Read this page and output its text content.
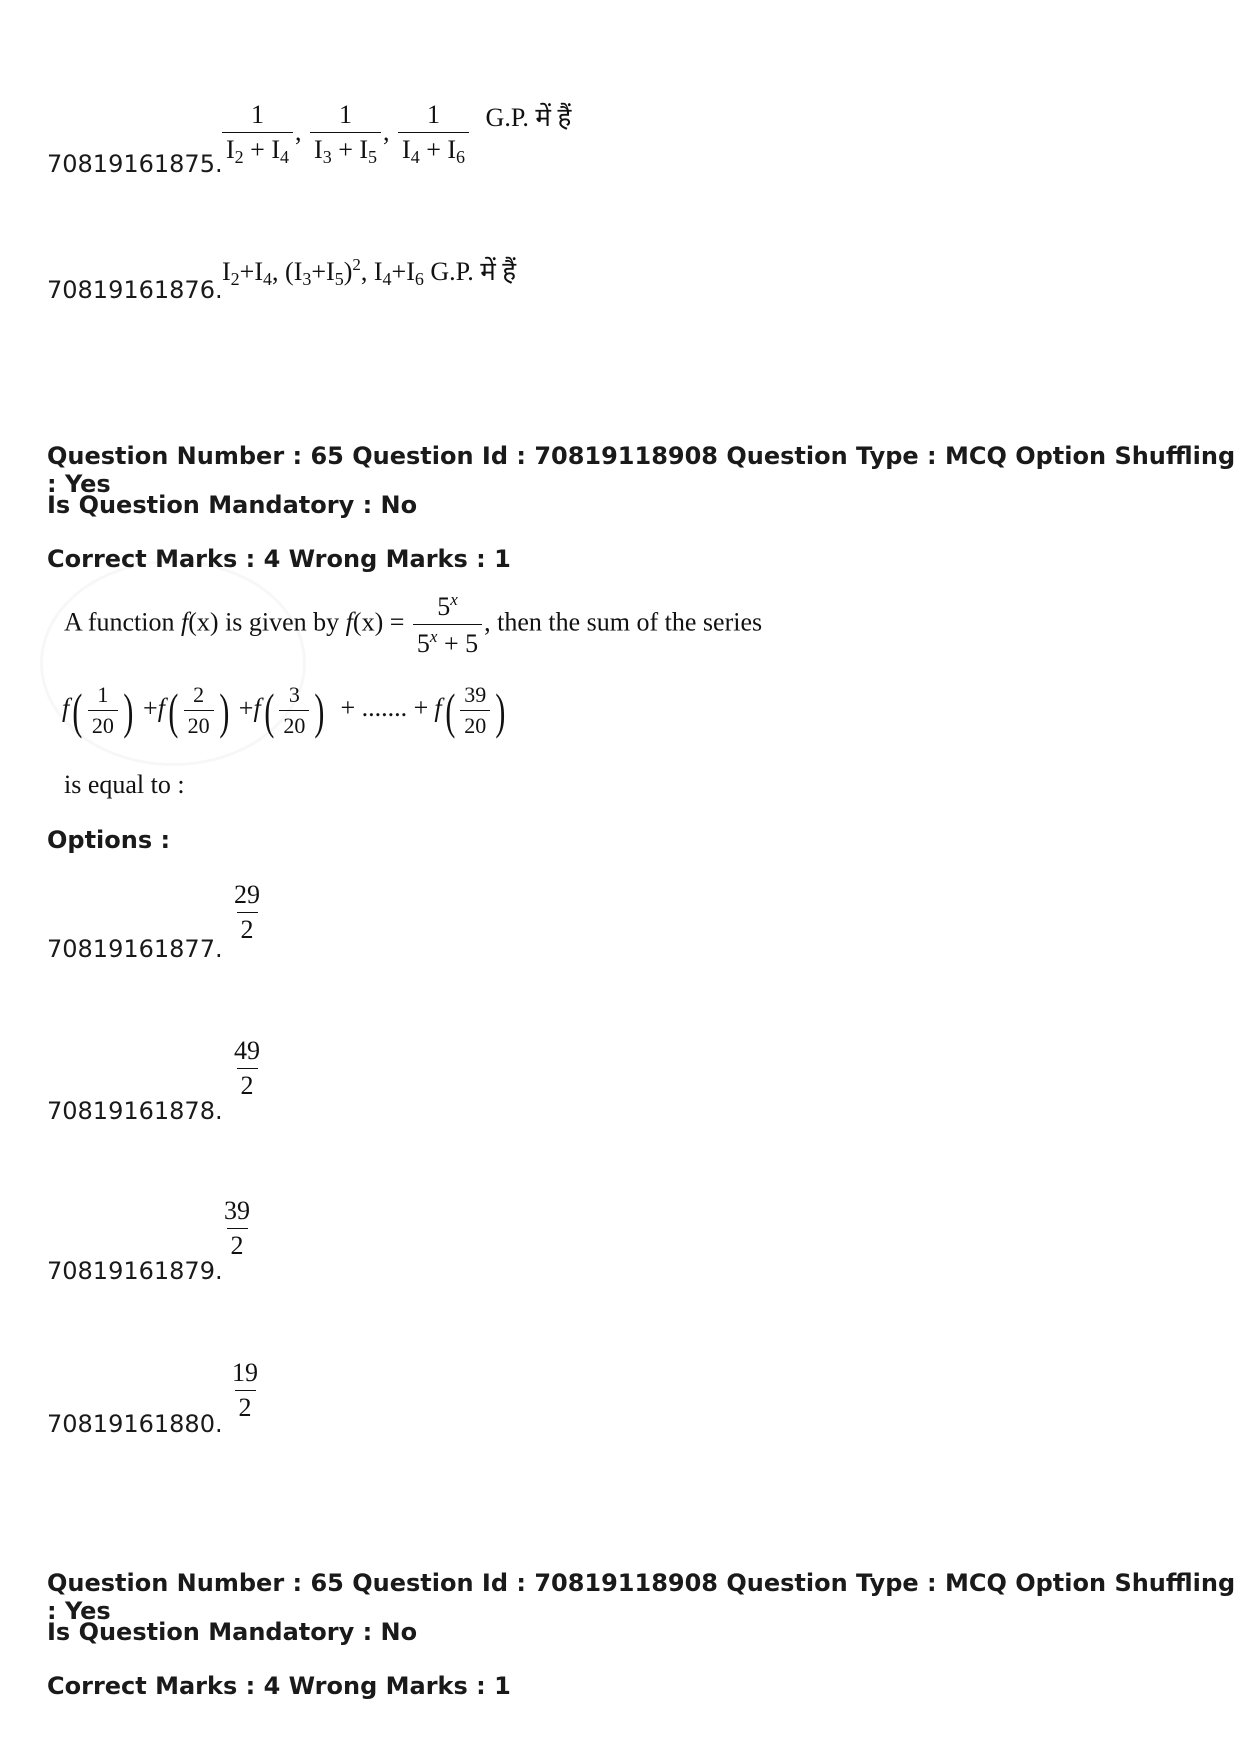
70819161875. $\frac{1}{I_2 + I_4}$ , $\frac{1}{I_3 + I_5}$ , $\frac{1}{I_4 + I_6} G.P$. में हैं
70819161876.
$I_2+I_4$, $(I_3+I_5)^2$, $I_4+I_6$ G.P. में हैं
Question Number : 65 Question Id : 70819118908 Question Type : MCQ Option Shuffling : Yes
Is Question Mandatory : No
Correct Marks : 4 Wrong Marks : 1
A function f(x) is given by $f(x) = \frac{5^x}{5^x + 5}$ , then the sum of the series
$f( \frac{1}{20}$ ) $+f( \frac{2}{20}$ ) $+f( \frac{3}{20}$ ) + ....... + $f( \frac{39}{20}$ )
is equal to :
Options :
70819161877.
$\frac{29}{2}$
70819161878.
$\frac{49}{2}$
70819161879.
$\frac{39}{2}$
70819161880.
$\frac{19}{2}$
Question Number : 65 Question Id : 70819118908 Question Type : MCQ Option Shuffling : Yes
Is Question Mandatory : No
Correct Marks : 4 Wrong Marks : 1
